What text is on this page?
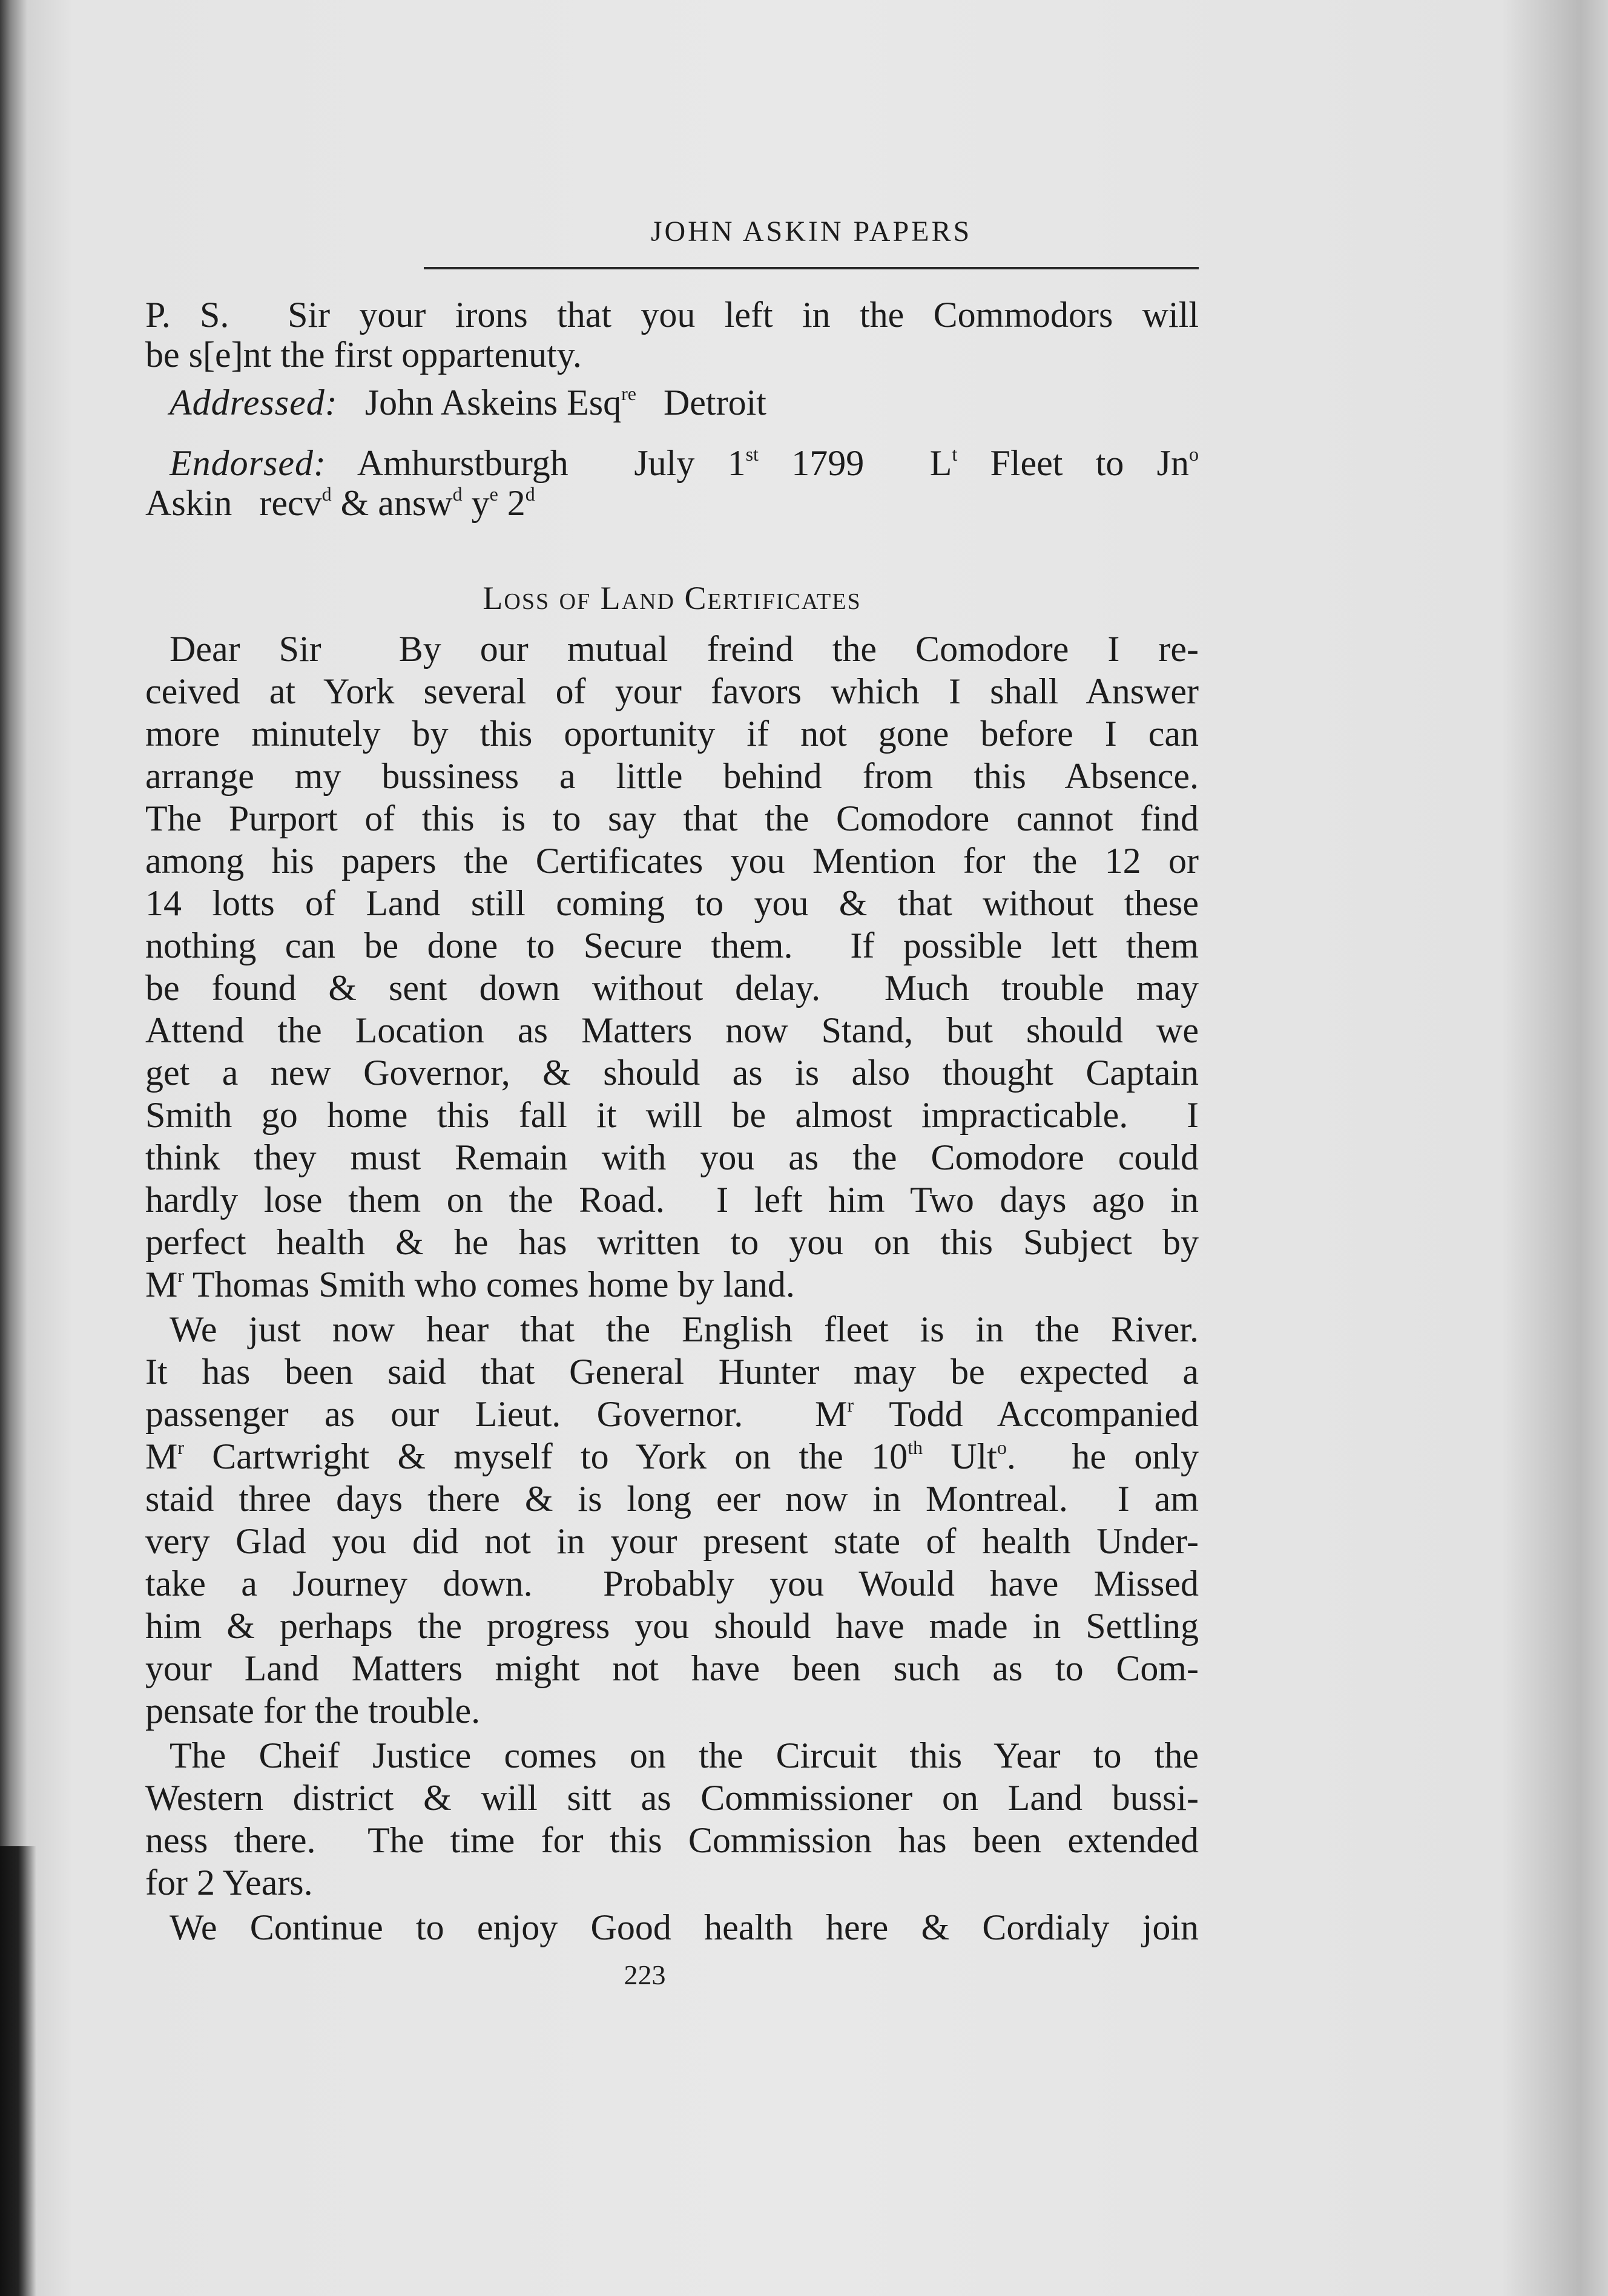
JOHN ASKIN PAPERS
P. S.  Sir your irons that you left in the Commodors will
be s[e]nt the first oppartenuty.
Addressed:   John Askeins Esq$^{re}$   Detroit
Endorsed: Amhurstburgh  July 1st 1799  $L^t$ Fleet to Jn$^o$
Askin   recv$^d$ & answ$^d$ $y^e$ 2$^d$
Loss of Land Certificates
Dear Sir  By our mutual freind the Comodore I re-
ceived at York several of your favors which I shall Answer
more minutely by this oportunity if not gone before I can
arrange my bussiness a little behind from this Absence.
The Purport of this is to say that the Comodore cannot find
among his papers the Certificates you Mention for the 12 or
14 lotts of Land still coming to you & that without these
nothing can be done to Secure them.  If possible lett them
be found & sent down without delay.  Much trouble may
Attend the Location as Matters now Stand, but should we
get a new Governor, & should as is also thought Captain
Smith go home this fall it will be almost impracticable.  I
think they must Remain with you as the Comodore could
hardly lose them on the Road.  I left him Two days ago in
perfect health & he has written to you on this Subject by
$M^r$ Thomas Smith who comes home by land.
We just now hear that the English fleet is in the River.
It has been said that General Hunter may be expected a
passenger as our Lieut. Governor.  $M^r$ Todd Accompanied
$M^r$ Cartwright & myself to York on the 10th Ult$^o$.  he only
staid three days there & is long eer now in Montreal.  I am
very Glad you did not in your present state of health Under-
take a Journey down.  Probably you Would have Missed
him & perhaps the progress you should have made in Settling
your Land Matters might not have been such as to Com-
pensate for the trouble.
The Cheif Justice comes on the Circuit this Year to the
Western district & will sitt as Commissioner on Land bussi-
ness there.  The time for this Commission has been extended
for 2 Years.
We Continue to enjoy Good health here & Cordialy join
223
